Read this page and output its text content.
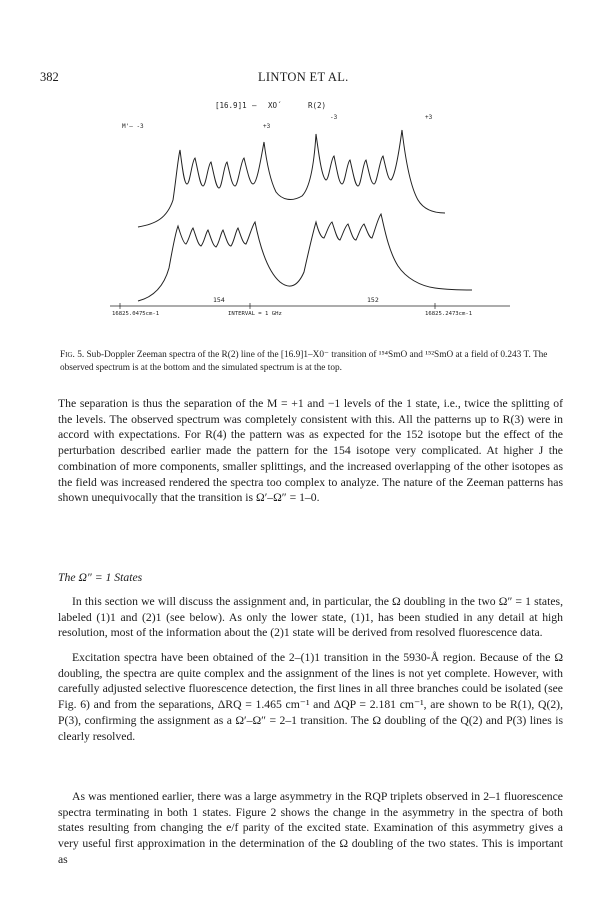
382	LINTON ET AL.
[16.9]1 — XO´	R(2)
M'— -3	+3
-3	+3
154	152
16825.0475cm-1	INTERVAL = 1 GHz	16825.2473cm-1
Fig. 5. Sub-Doppler Zeeman spectra of the R(2) line of the [16.9]1–X0⁻ transition of ¹⁵⁴SmO and ¹⁵²SmO at a field of 0.243 T. The observed spectrum is at the bottom and the simulated spectrum is at the top.

The separation is thus the separation of the M = +1 and −1 levels of the 1 state, i.e., twice the splitting of the levels. The observed spectrum was completely consistent with this. All the patterns up to R(3) were in accord with expectations. For R(4) the pattern was as expected for the 152 isotope but the effect of the perturbation described earlier made the pattern for the 154 isotope very complicated. At higher J the combination of more components, smaller splittings, and the increased overlapping of the other isotopes as the field was increased rendered the spectra too complex to analyze. The nature of the Zeeman patterns has shown unequivocally that the transition is Ω′–Ω″ = 1–0.

The Ω″ = 1 States

In this section we will discuss the assignment and, in particular, the Ω doubling in the two Ω″ = 1 states, labeled (1)1 and (2)1 (see below). As only the lower state, (1)1, has been studied in any detail at high resolution, most of the information about the (2)1 state will be derived from resolved fluorescence data.

Excitation spectra have been obtained of the 2–(1)1 transition in the 5930-Å region. Because of the Ω doubling, the spectra are quite complex and the assignment of the lines is not yet complete. However, with carefully adjusted selective fluorescence detection, the first lines in all three branches could be isolated (see Fig. 6) and from the separations, ΔRQ = 1.465 cm⁻¹ and ΔQP = 2.181 cm⁻¹, are shown to be R(1), Q(2), P(3), confirming the assignment as a Ω′–Ω″ = 2–1 transition. The Ω doubling of the Q(2) and P(3) lines is clearly resolved.

As was mentioned earlier, there was a large asymmetry in the RQP triplets observed in 2–1 fluorescence spectra terminating in both 1 states. Figure 2 shows the change in the asymmetry in the spectra of both states resulting from changing the e/f parity of the excited state. Examination of this asymmetry gives a very useful first approximation in the determination of the Ω doubling of the two states. This is important as
